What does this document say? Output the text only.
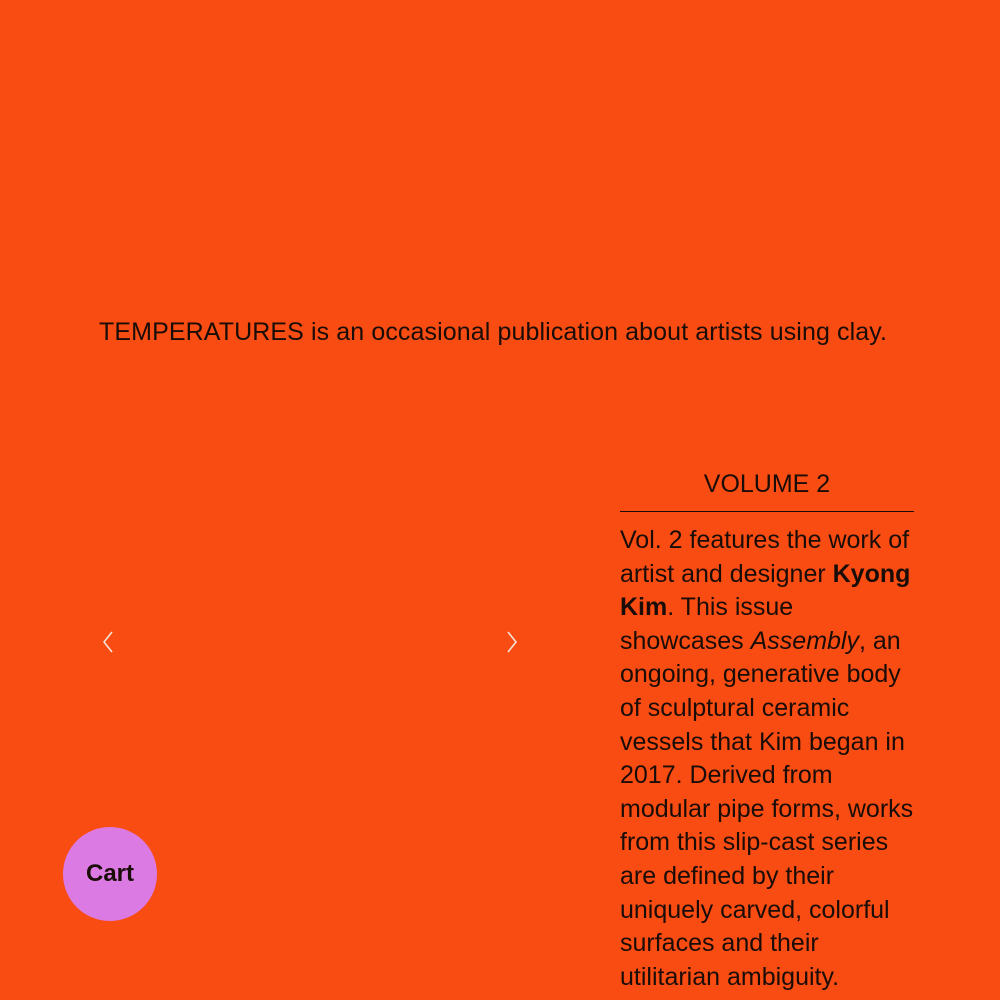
TEMPERATURES is an occasional publication about artists using clay.

VOLUME 2

Vol. 2 features the work of artist and designer Kyong Kim. This issue showcases Assembly, an ongoing, generative body of sculptural ceramic vessels that Kim began in 2017. Derived from modular pipe forms, works from this slip-cast series are defined by their uniquely carved, colorful surfaces and their utilitarian ambiguity.

Cart
